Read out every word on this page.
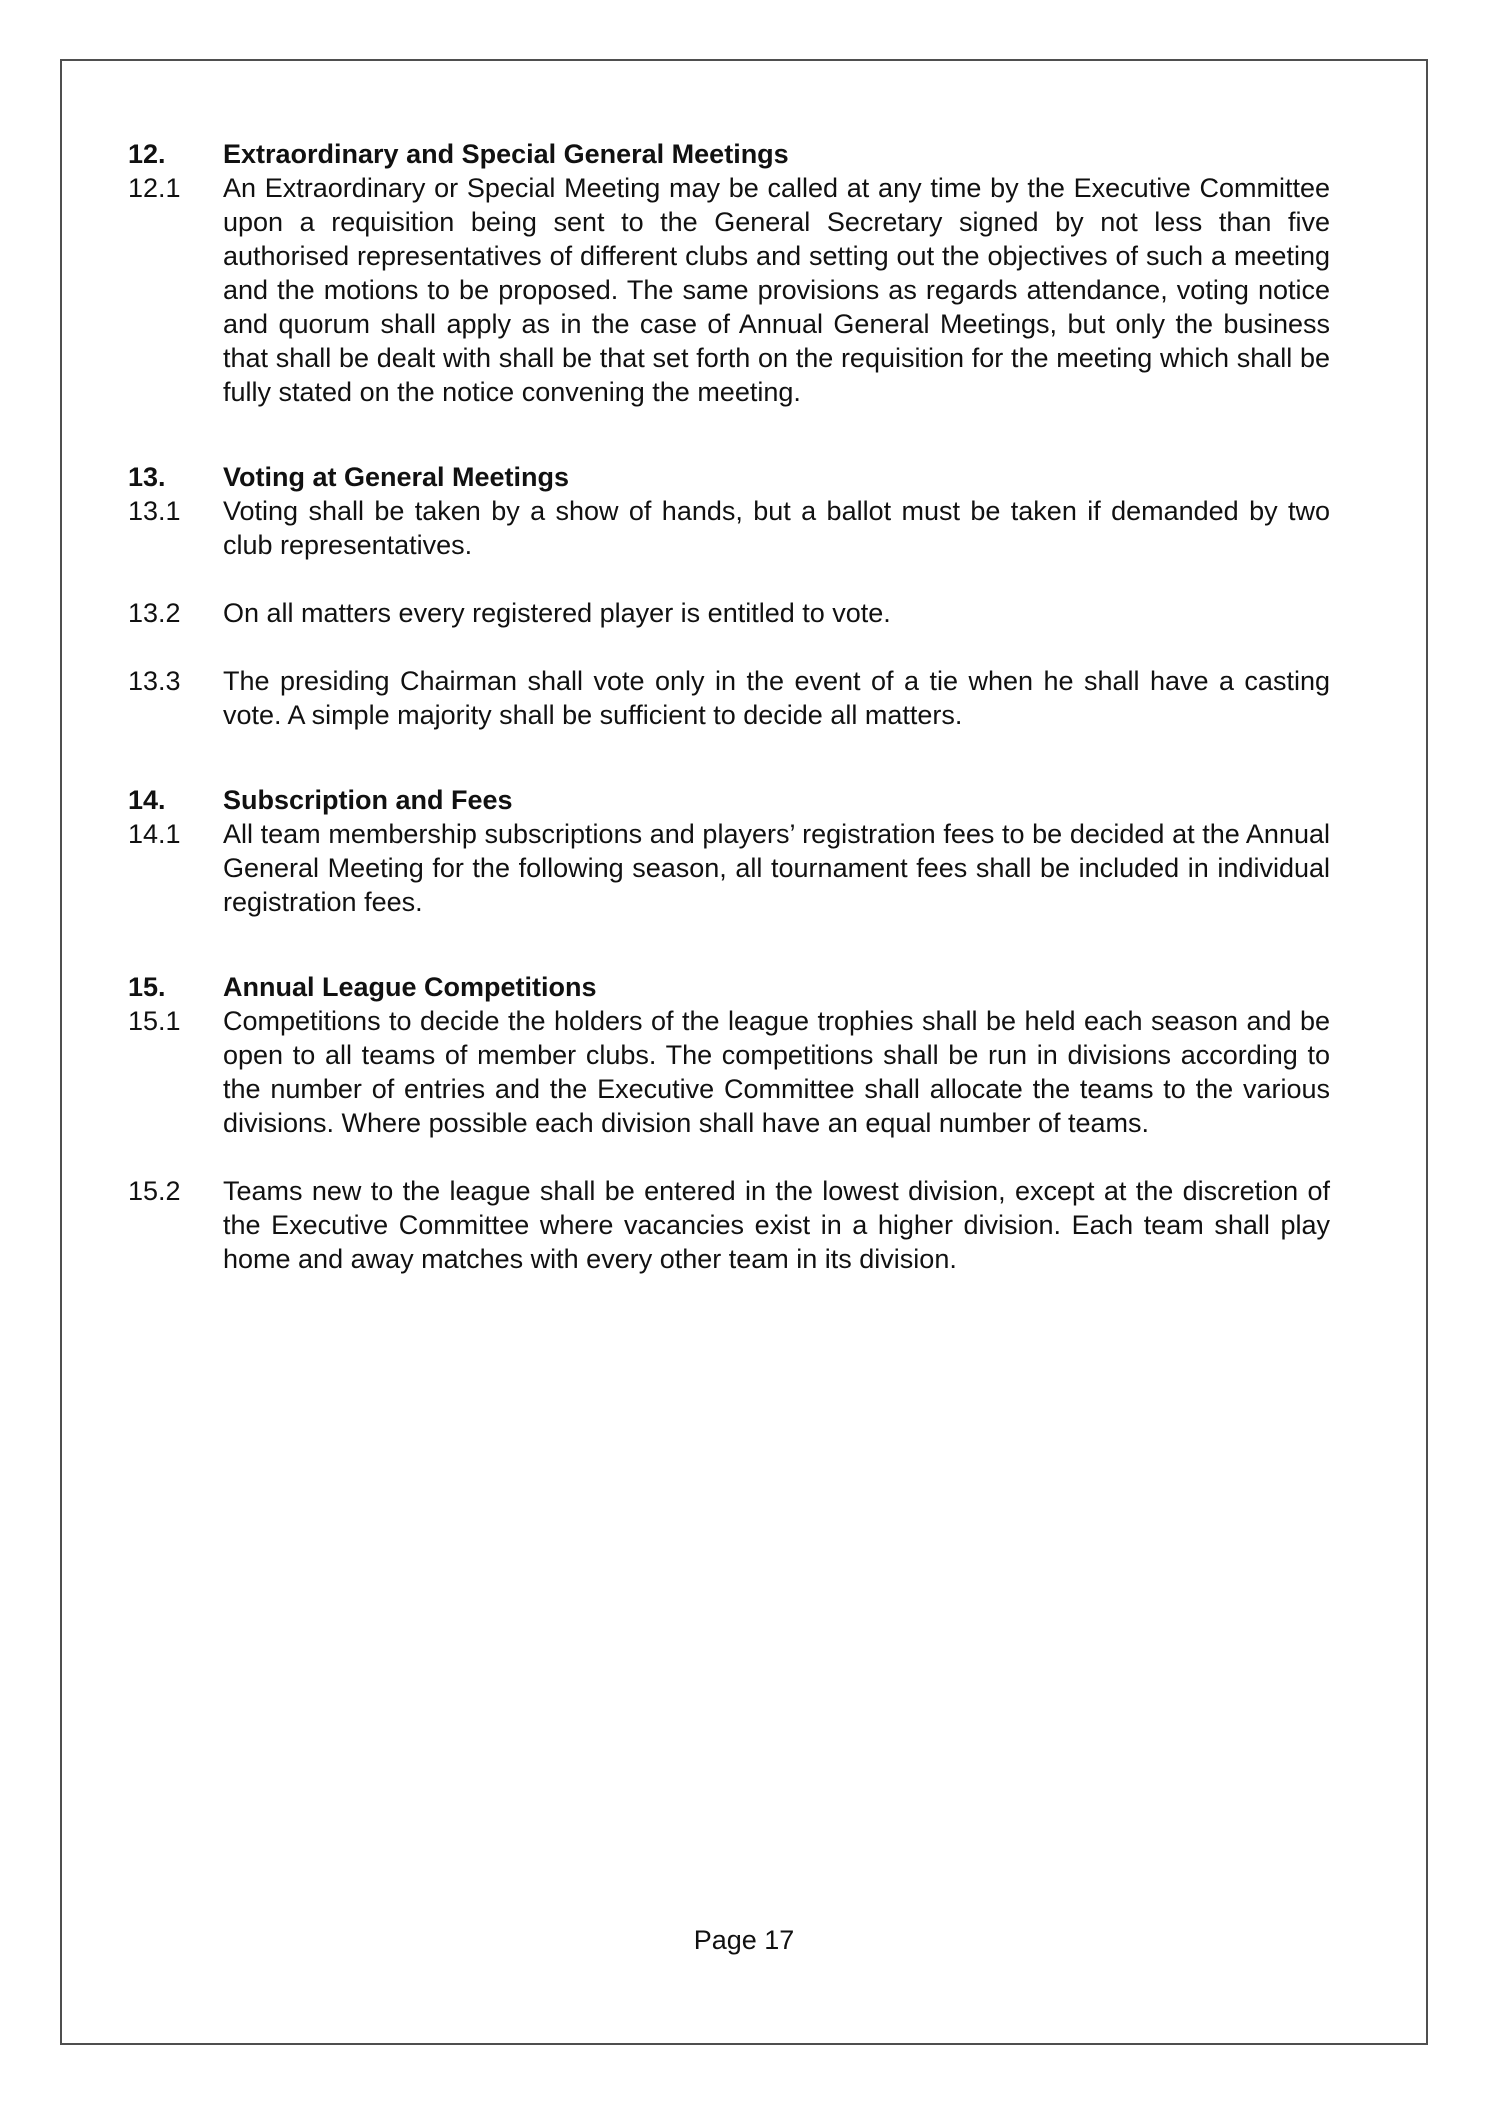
12.	Extraordinary and Special General Meetings
12.1	An Extraordinary or Special Meeting may be called at any time by the Executive Committee upon a requisition being sent to the General Secretary signed by not less than five authorised representatives of different clubs and setting out the objectives of such a meeting and the motions to be proposed. The same provisions as regards attendance, voting notice and quorum shall apply as in the case of Annual General Meetings, but only the business that shall be dealt with shall be that set forth on the requisition for the meeting which shall be fully stated on the notice convening the meeting.

13.	Voting at General Meetings
13.1	Voting shall be taken by a show of hands, but a ballot must be taken if demanded by two club representatives.

13.2	On all matters every registered player is entitled to vote.

13.3	The presiding Chairman shall vote only in the event of a tie when he shall have a casting vote. A simple majority shall be sufficient to decide all matters.

14.	Subscription and Fees
14.1	All team membership subscriptions and players’ registration fees to be decided at the Annual General Meeting for the following season, all tournament fees shall be included in individual registration fees.

15.	Annual League Competitions
15.1	Competitions to decide the holders of the league trophies shall be held each season and be open to all teams of member clubs. The competitions shall be run in divisions according to the number of entries and the Executive Committee shall allocate the teams to the various divisions. Where possible each division shall have an equal number of teams.

15.2	Teams new to the league shall be entered in the lowest division, except at the discretion of the Executive Committee where vacancies exist in a higher division. Each team shall play home and away matches with every other team in its division.

Page 17
